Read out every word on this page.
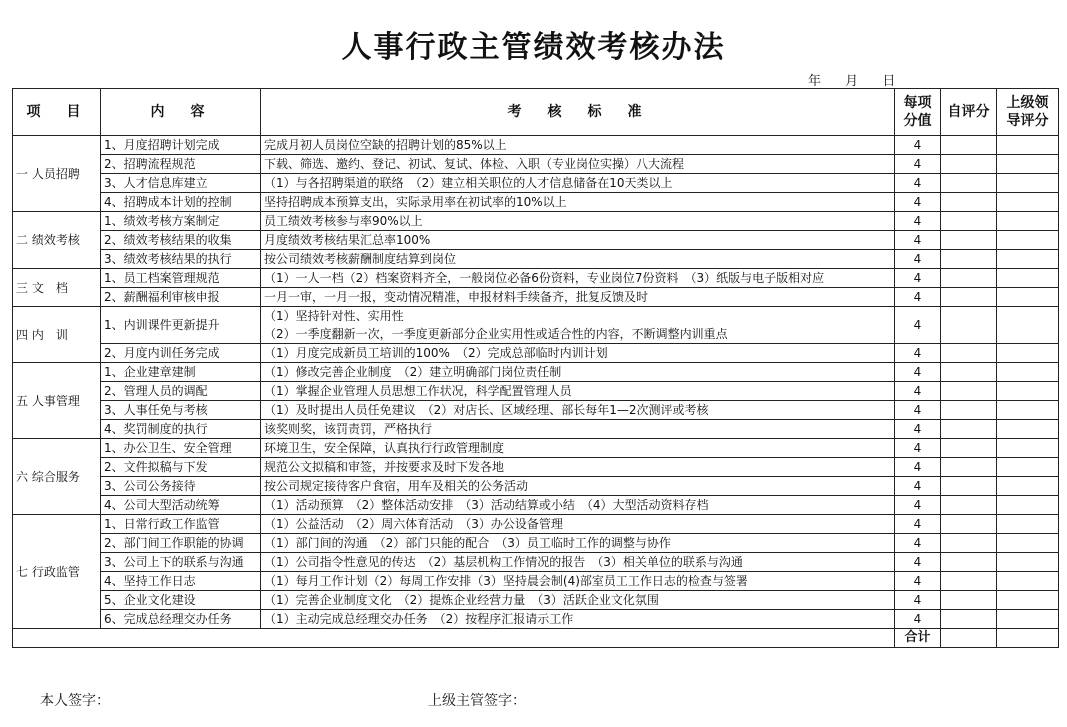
人事行政主管绩效考核办法
年 月 日
项　目	内　容	考　核　标　准	每项分值	自评分	上级领导评分
一 人员招聘	1、月度招聘计划完成	完成月初人员岗位空缺的招聘计划的85%以上	4		
	2、招聘流程规范	下载、筛选、邀约、登记、初试、复试、体检、入职（专业岗位实操）八大流程	4		
	3、人才信息库建立	（1）与各招聘渠道的联络　（2）建立相关职位的人才信息储备在10天类以上	4		
	4、招聘成本计划的控制	坚持招聘成本预算支出，实际录用率在初试率的10%以上	4		
二 绩效考核	1、绩效考核方案制定	员工绩效考核参与率90%以上	4		
	2、绩效考核结果的收集	月度绩效考核结果汇总率100%	4		
	3、绩效考核结果的执行	按公司绩效考核薪酬制度结算到岗位	4		
三 文　档	1、员工档案管理规范	（1）一人一档（2）档案资料齐全，一般岗位必备6份资料，专业岗位7份资料　（3）纸版与电子版相对应	4		
	2、薪酬福利审核申报	一月一审，一月一报，变动情况精准，申报材料手续备齐，批复反馈及时	4		
四 内　训	1、内训课件更新提升	（1）坚持针对性、实用性
（2）一季度翻新一次，一季度更新部分企业实用性或适合性的内容，不断调整内训重点	4		
	2、月度内训任务完成	（1）月度完成新员工培训的100%　（2）完成总部临时内训计划	4		
五 人事管理	1、企业建章建制	（1）修改完善企业制度　（2）建立明确部门岗位责任制	4		
	2、管理人员的调配	（1）掌握企业管理人员思想工作状况，科学配置管理人员	4		
	3、人事任免与考核	（1）及时提出人员任免建议　（2）对店长、区域经理、部长每年1—2次测评或考核	4		
	4、奖罚制度的执行	该奖则奖，该罚责罚，严格执行	4		
六 综合服务	1、办公卫生、安全管理	环境卫生，安全保障，认真执行行政管理制度	4		
	2、文件拟稿与下发	规范公文拟稿和审签，并按要求及时下发各地	4		
	3、公司公务接待	按公司规定接待客户食宿，用车及相关的公务活动	4		
	4、公司大型活动统筹	（1）活动预算　（2）整体活动安排　（3）活动结算或小结　（4）大型活动资料存档	4		
七 行政监管	1、日常行政工作监管	（1）公益活动　（2）周六体育活动　（3）办公设备管理	4		
	2、部门间工作职能的协调	（1）部门间的沟通　（2）部门只能的配合　（3）员工临时工作的调整与协作	4		
	3、公司上下的联系与沟通	（1）公司指令性意见的传达　（2）基层机构工作情况的报告　（3）相关单位的联系与沟通	4		
	4、坚持工作日志	（1）每月工作计划（2）每周工作安排（3）坚持晨会制(4)部室员工工作日志的检查与签署	4		
	5、企业文化建设	（1）完善企业制度文化　（2）提炼企业经营力量　（3）活跃企业文化氛围	4		
	6、完成总经理交办任务	（1）主动完成总经理交办任务　（2）按程序汇报请示工作	4		
			合计		
本人签字：	上级主管签字：
